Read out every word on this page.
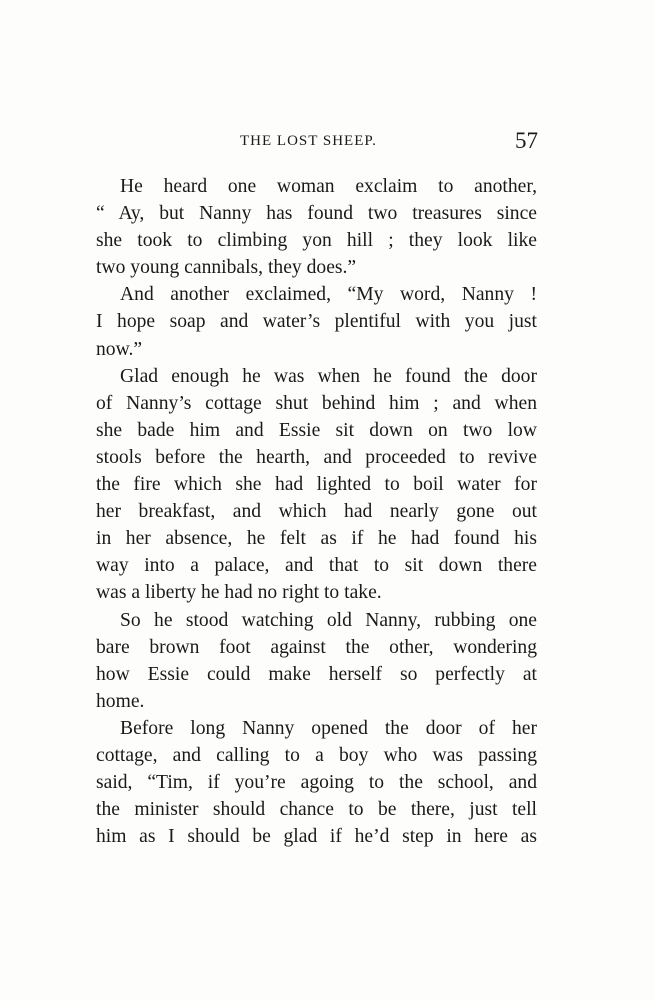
THE LOST SHEEP.	57
He heard one woman exclaim to another,
“ Ay, but Nanny has found two treasures since
she took to climbing yon hill ; they look like
two young cannibals, they does.”
And another exclaimed, “My word, Nanny !
I hope soap and water’s plentiful with you just
now.”
Glad enough he was when he found the door
of Nanny’s cottage shut behind him ; and when
she bade him and Essie sit down on two low
stools before the hearth, and proceeded to revive
the fire which she had lighted to boil water for
her breakfast, and which had nearly gone out
in her absence, he felt as if he had found his
way into a palace, and that to sit down there
was a liberty he had no right to take.
So he stood watching old Nanny, rubbing one
bare brown foot against the other, wondering
how Essie could make herself so perfectly at
home.
Before long Nanny opened the door of her
cottage, and calling to a boy who was passing
said, “Tim, if you’re agoing to the school, and
the minister should chance to be there, just tell
him as I should be glad if he’d step in here as
